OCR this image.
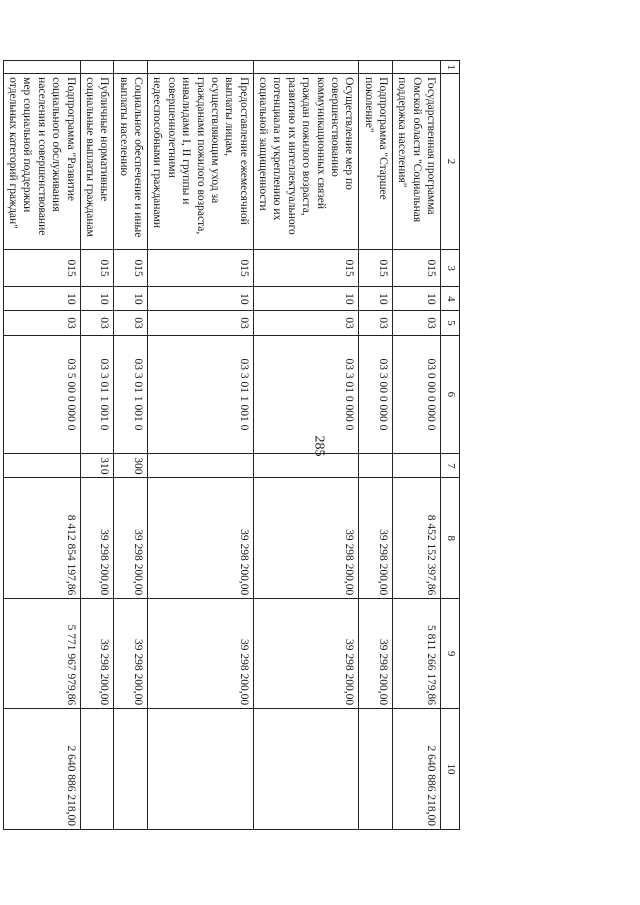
285
1	2	3	4	5	6	7	8	9	10
	Государственная программа Омской области "Социальная поддержка населения"	015	10	03	03 0 00 0 000 0		8 452 152 397,86	5 811 266 179,86	2 640 886 218,00
	Подпрограмма "Старшее поколение"	015	10	03	03 3 00 0 000 0		39 298 200,00	39 298 200,00	
	Осуществление мер по совершенствованию коммуникационных связей граждан пожилого возраста, развитию их интеллектуального потенциала и укреплению их социальной защищенности	015	10	03	03 3 01 0 000 0		39 298 200,00	39 298 200,00	
	Предоставление ежемесячной выплаты лицам, осуществляющим уход за гражданами пожилого возраста, инвалидами I, II группы и совершеннолетними недееспособными гражданами	015	10	03	03 3 01 1 001 0		39 298 200,00	39 298 200,00	
	Социальное обеспечение и иные выплаты населению	015	10	03	03 3 01 1 001 0	300	39 298 200,00	39 298 200,00	
	Публичные нормативные социальные выплаты гражданам	015	10	03	03 3 01 1 001 0	310	39 298 200,00	39 298 200,00	
	Подпрограмма "Развитие социального обслуживания населения и совершенствование мер социальной поддержки отдельных категорий граждан"	015	10	03	03 5 00 0 000 0		8 412 854 197,86	5 771 967 979,86	2 640 886 218,00
